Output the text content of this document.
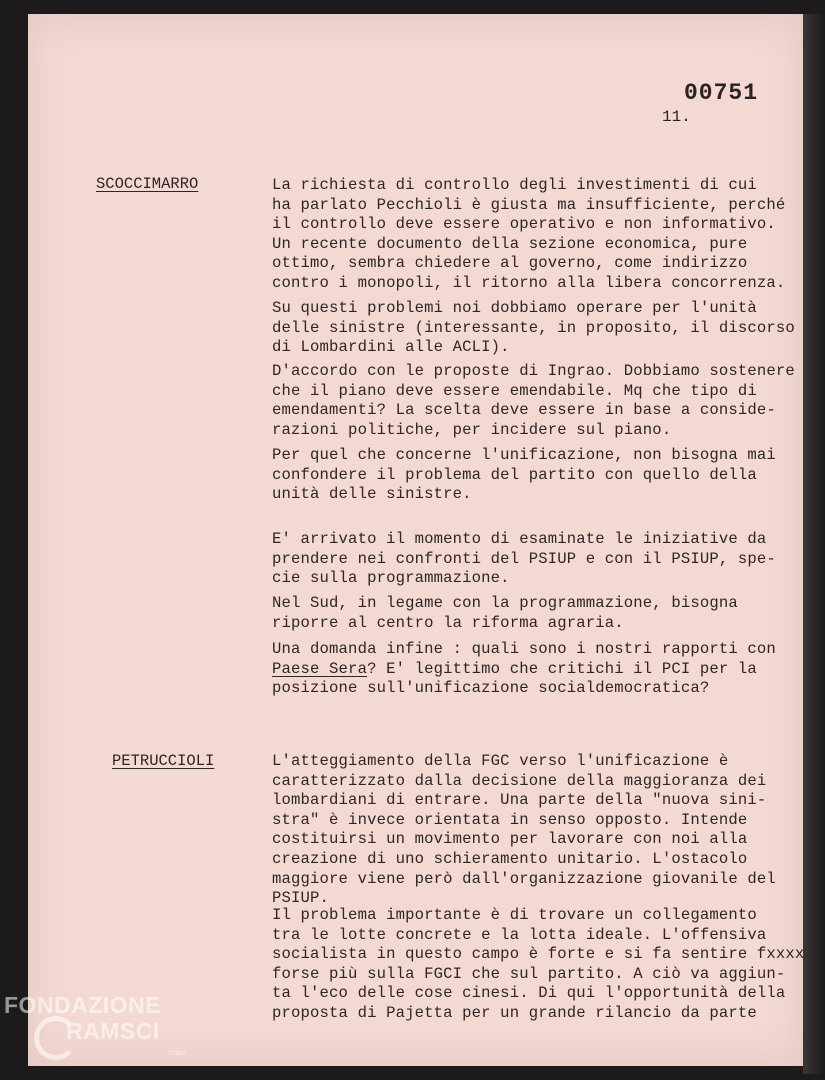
00751
11.
SCOCCIMARRO	La richiesta di controllo degli investimenti di cui
ha parlato Pecchioli è giusta ma insufficiente, perché
il controllo deve essere operativo e non informativo.
Un recente documento della sezione economica, pure
ottimo, sembra chiedere al governo, come indirizzo
contro i monopoli, il ritorno alla libera concorrenza.

Su questi problemi noi dobbiamo operare per l'unità
delle sinistre (interessante, in proposito, il discorso
di Lombardini alle ACLI).

D'accordo con le proposte di Ingrao. Dobbiamo sostenere
che il piano deve essere emendabile. Mq che tipo di
emendamenti? La scelta deve essere in base a conside-
razioni politiche, per incidere sul piano.

Per quel che concerne l'unificazione, non bisogna mai
confondere il problema del partito con quello della
unità delle sinistre.

E' arrivato il momento di esaminate le iniziative da
prendere nei confronti del PSIUP e con il PSIUP, spe-
cie sulla programmazione.

Nel Sud, in legame con la programmazione, bisogna
riporre al centro la riforma agraria.

Una domanda infine : quali sono i nostri rapporti con
Paese Sera? E' legittimo che critichi il PCI per la
posizione sull'unificazione socialdemocratica?

PETRUCCIOLI	L'atteggiamento della FGC verso l'unificazione è
caratterizzato dalla decisione della maggioranza dei
lombardiani di entrare. Una parte della "nuova sini-
stra" è invece orientata in senso opposto. Intende
costituirsi un movimento per lavorare con noi alla
creazione di uno schieramento unitario. L'ostacolo
maggiore viene però dall'organizzazione giovanile del
PSIUP.

Il problema importante è di trovare un collegamento
tra le lotte concrete e la lotta ideale. L'offensiva
socialista in questo campo è forte e si fa sentire fxxxx
forse più sulla FGCI che sul partito. A ciò va aggiun-
ta l'eco delle cose cinesi. Di qui l'opportunità della
proposta di Pajetta per un grande rilancio da parte

FONDAZIONE
RAMSCI
onlus
